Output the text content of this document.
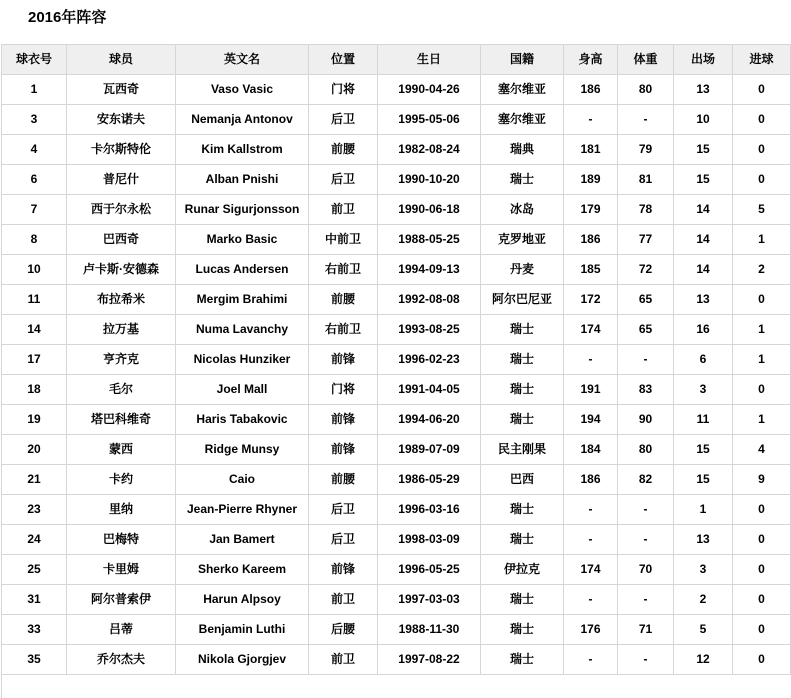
2016年阵容
球衣号	球员	英文名	位置	生日	国籍	身高	体重	出场	进球
1	瓦西奇	Vaso Vasic	门将	1990-04-26	塞尔维亚	186	80	13	0
3	安东诺夫	Nemanja Antonov	后卫	1995-05-06	塞尔维亚	-	-	10	0
4	卡尔斯特伦	Kim Kallstrom	前腰	1982-08-24	瑞典	181	79	15	0
6	普尼什	Alban Pnishi	后卫	1990-10-20	瑞士	189	81	15	0
7	西于尔永松	Runar Sigurjonsson	前卫	1990-06-18	冰岛	179	78	14	5
8	巴西奇	Marko Basic	中前卫	1988-05-25	克罗地亚	186	77	14	1
10	卢卡斯·安德森	Lucas Andersen	右前卫	1994-09-13	丹麦	185	72	14	2
11	布拉希米	Mergim Brahimi	前腰	1992-08-08	阿尔巴尼亚	172	65	13	0
14	拉万基	Numa Lavanchy	右前卫	1993-08-25	瑞士	174	65	16	1
17	亨齐克	Nicolas Hunziker	前锋	1996-02-23	瑞士	-	-	6	1
18	毛尔	Joel Mall	门将	1991-04-05	瑞士	191	83	3	0
19	塔巴科维奇	Haris Tabakovic	前锋	1994-06-20	瑞士	194	90	11	1
20	蒙西	Ridge Munsy	前锋	1989-07-09	民主刚果	184	80	15	4
21	卡约	Caio	前腰	1986-05-29	巴西	186	82	15	9
23	里纳	Jean-Pierre Rhyner	后卫	1996-03-16	瑞士	-	-	1	0
24	巴梅特	Jan Bamert	后卫	1998-03-09	瑞士	-	-	13	0
25	卡里姆	Sherko Kareem	前锋	1996-05-25	伊拉克	174	70	3	0
31	阿尔普索伊	Harun Alpsoy	前卫	1997-03-03	瑞士	-	-	2	0
33	吕蒂	Benjamin Luthi	后腰	1988-11-30	瑞士	176	71	5	0
35	乔尔杰夫	Nikola Gjorgjev	前卫	1997-08-22	瑞士	-	-	12	0
